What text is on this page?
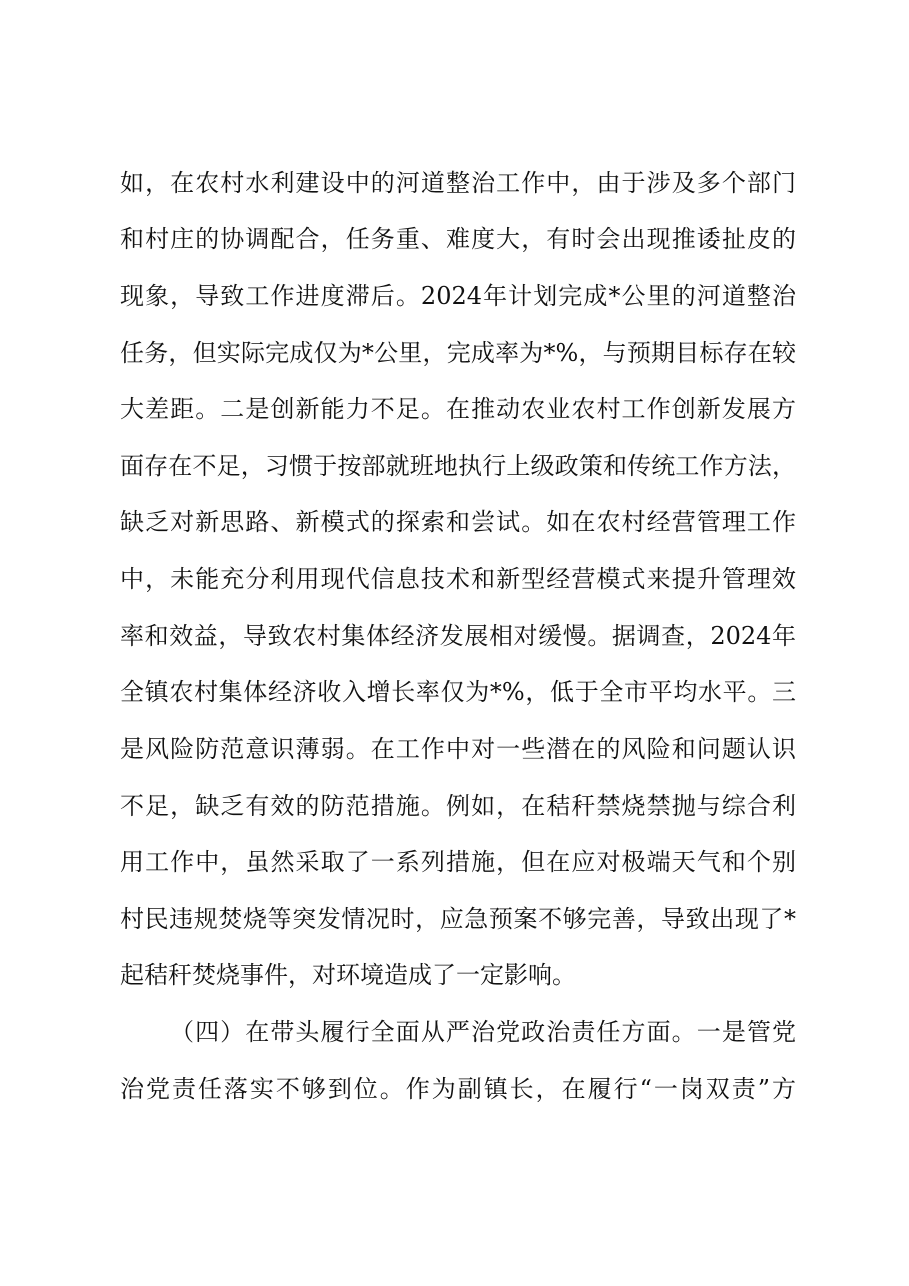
如，在农村水利建设中的河道整治工作中，由于涉及多个部门
和村庄的协调配合，任务重、难度大，有时会出现推诿扯皮的
现象，导致工作进度滞后。2024年计划完成*公里的河道整治
任务，但实际完成仅为*公里，完成率为*%，与预期目标存在较
大差距。二是创新能力不足。在推动农业农村工作创新发展方
面存在不足，习惯于按部就班地执行上级政策和传统工作方法，
缺乏对新思路、新模式的探索和尝试。如在农村经营管理工作
中，未能充分利用现代信息技术和新型经营模式来提升管理效
率和效益，导致农村集体经济发展相对缓慢。据调查，2024年
全镇农村集体经济收入增长率仅为*%，低于全市平均水平。三
是风险防范意识薄弱。在工作中对一些潜在的风险和问题认识
不足，缺乏有效的防范措施。例如，在秸秆禁烧禁抛与综合利
用工作中，虽然采取了一系列措施，但在应对极端天气和个别
村民违规焚烧等突发情况时，应急预案不够完善，导致出现了*
起秸秆焚烧事件，对环境造成了一定影响。
（四）在带头履行全面从严治党政治责任方面。一是管党
治党责任落实不够到位。作为副镇长，在履行“一岗双责”方
